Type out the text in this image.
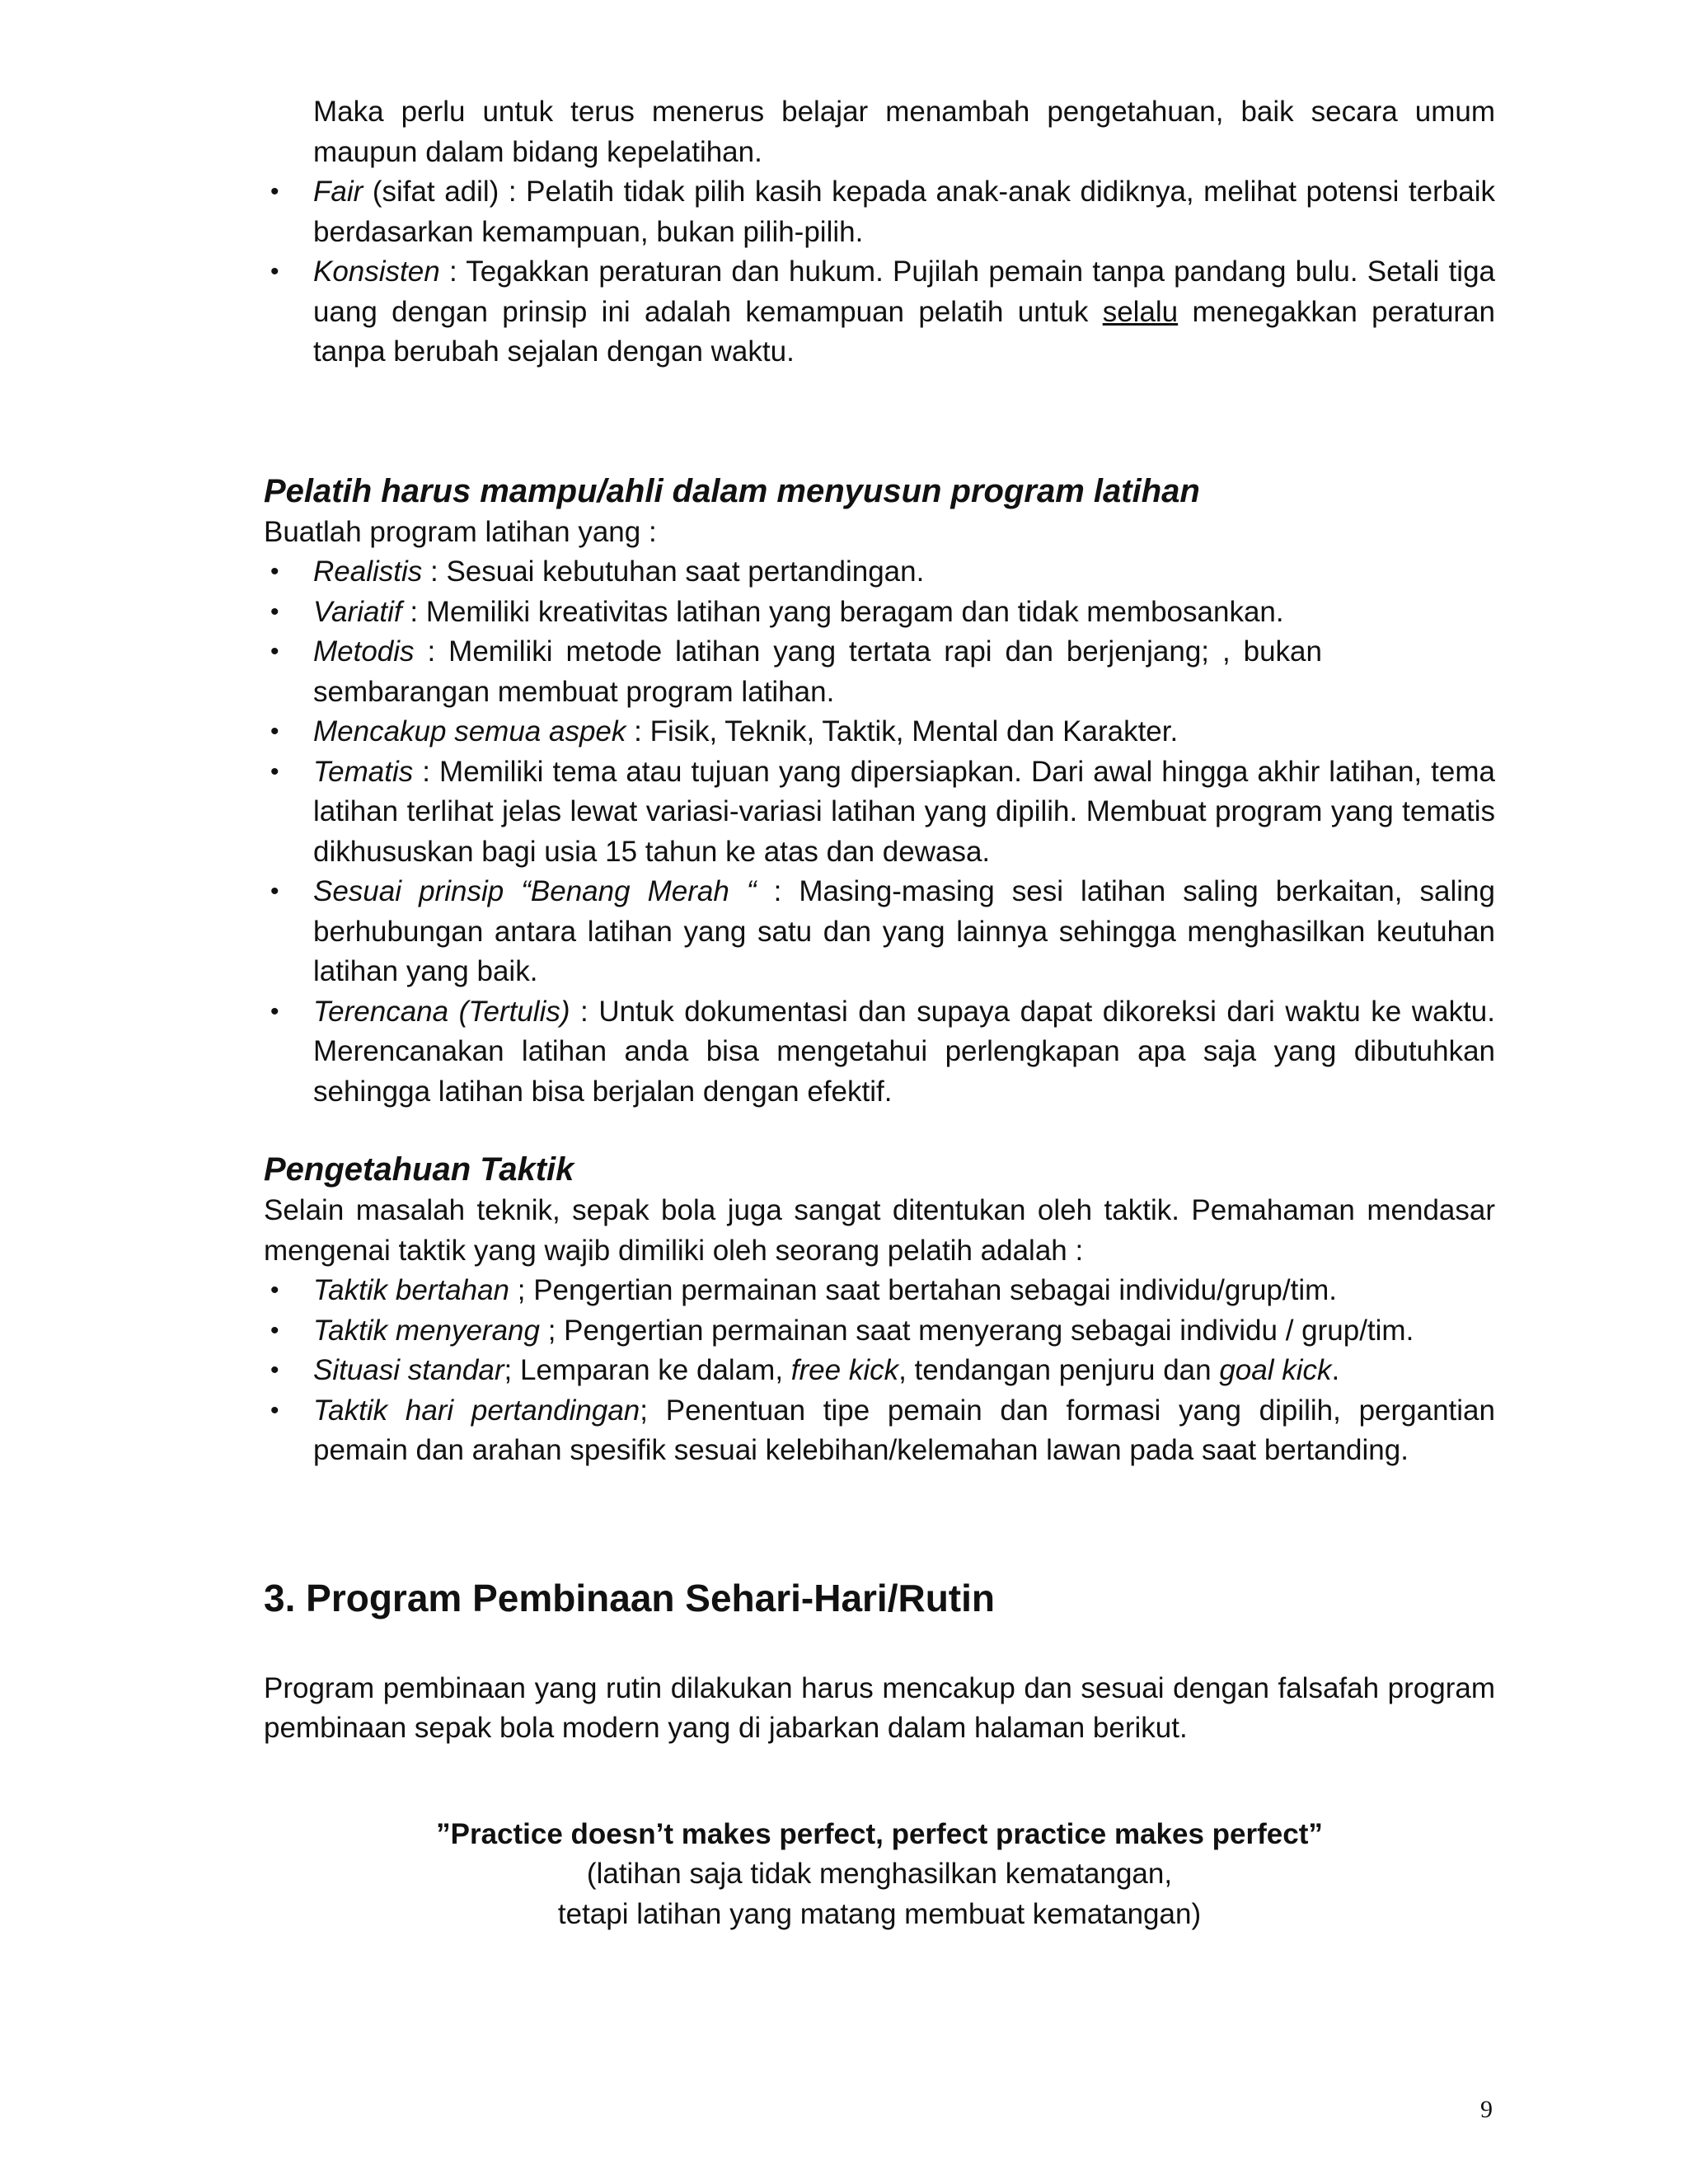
Maka perlu untuk terus menerus belajar menambah pengetahuan, baik secara umum maupun dalam bidang kepelatihan.

• Fair (sifat adil) : Pelatih tidak pilih kasih kepada anak-anak didiknya, melihat potensi terbaik berdasarkan kemampuan, bukan pilih-pilih.
• Konsisten : Tegakkan peraturan dan hukum. Pujilah pemain tanpa pandang bulu. Setali tiga uang dengan prinsip ini adalah kemampuan pelatih untuk selalu menegakkan peraturan tanpa berubah sejalan dengan waktu.
Pelatih harus mampu/ahli dalam menyusun program latihan

Buatlah program latihan yang :

• Realistis : Sesuai kebutuhan saat pertandingan.
• Variatif : Memiliki kreativitas latihan yang beragam dan tidak membosankan.
• Metodis : Memiliki metode latihan yang tertata rapi dan berjenjang; , bukan sembarangan membuat program latihan.
• Mencakup semua aspek : Fisik, Teknik, Taktik, Mental dan Karakter.
• Tematis : Memiliki tema atau tujuan yang dipersiapkan. Dari awal hingga akhir latihan, tema latihan terlihat jelas lewat variasi-variasi latihan yang dipilih. Membuat program yang tematis dikhususkan bagi usia 15 tahun ke atas dan dewasa.
• Sesuai prinsip “Benang Merah “ : Masing-masing sesi latihan saling berkaitan, saling berhubungan antara latihan yang satu dan yang lainnya sehingga menghasilkan keutuhan latihan yang baik.
• Terencana (Tertulis) : Untuk dokumentasi dan supaya dapat dikoreksi dari waktu ke waktu. Merencanakan latihan anda bisa mengetahui perlengkapan apa saja yang dibutuhkan sehingga latihan bisa berjalan dengan efektif.
Pengetahuan Taktik

Selain masalah teknik, sepak bola juga sangat ditentukan oleh taktik. Pemahaman mendasar mengenai taktik yang wajib dimiliki oleh seorang pelatih adalah :

• Taktik bertahan ; Pengertian permainan saat bertahan sebagai individu/grup/tim.
• Taktik menyerang ; Pengertian permainan saat menyerang sebagai individu / grup/tim.
• Situasi standar; Lemparan ke dalam, free kick, tendangan penjuru dan goal kick.
• Taktik hari pertandingan; Penentuan tipe pemain dan formasi yang dipilih, pergantian pemain dan arahan spesifik sesuai kelebihan/kelemahan lawan pada saat bertanding.
3. Program Pembinaan Sehari-Hari/Rutin

Program pembinaan yang rutin dilakukan harus mencakup dan sesuai dengan falsafah program pembinaan sepak bola modern yang di jabarkan dalam halaman berikut.

”Practice doesn’t makes perfect, perfect practice makes perfect”
(latihan saja tidak menghasilkan kematangan,
tetapi latihan yang matang membuat kematangan)
9
